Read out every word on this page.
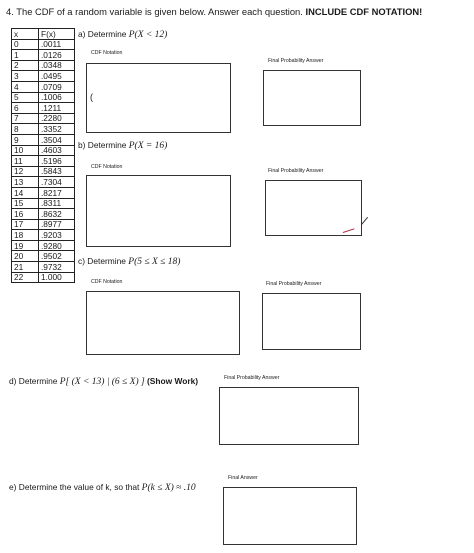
4. The CDF of a random variable is given below. Answer each question. INCLUDE CDF NOTATION!
x	F(x)
0	.0011
1	.0126
2	.0348
3	.0495
4	.0709
5	.1006
6	.1211
7	.2280
8	.3352
9	.3504
10	.4603
11	.5196
12	.5843
13	.7304
14	.8217
15	.8311
16	.8632
17	.8977
18	.9203
19	.9280
20	.9502
21	.9732
22	1.000
a) Determine P(X < 12)
CDF Notation
(
Final Probability Answer
b) Determine P(X = 16)
CDF Notation
Final Probability Answer
c) Determine P(5 ≤ X ≤ 18)
CDF Notation	Final Probability Answer
d) Determine P[ (X < 13) | (6 ≤ X) ] (Show Work)	Final Probability Answer
e) Determine the value of k, so that P(k ≤ X) ≈ .10
Final Answer
